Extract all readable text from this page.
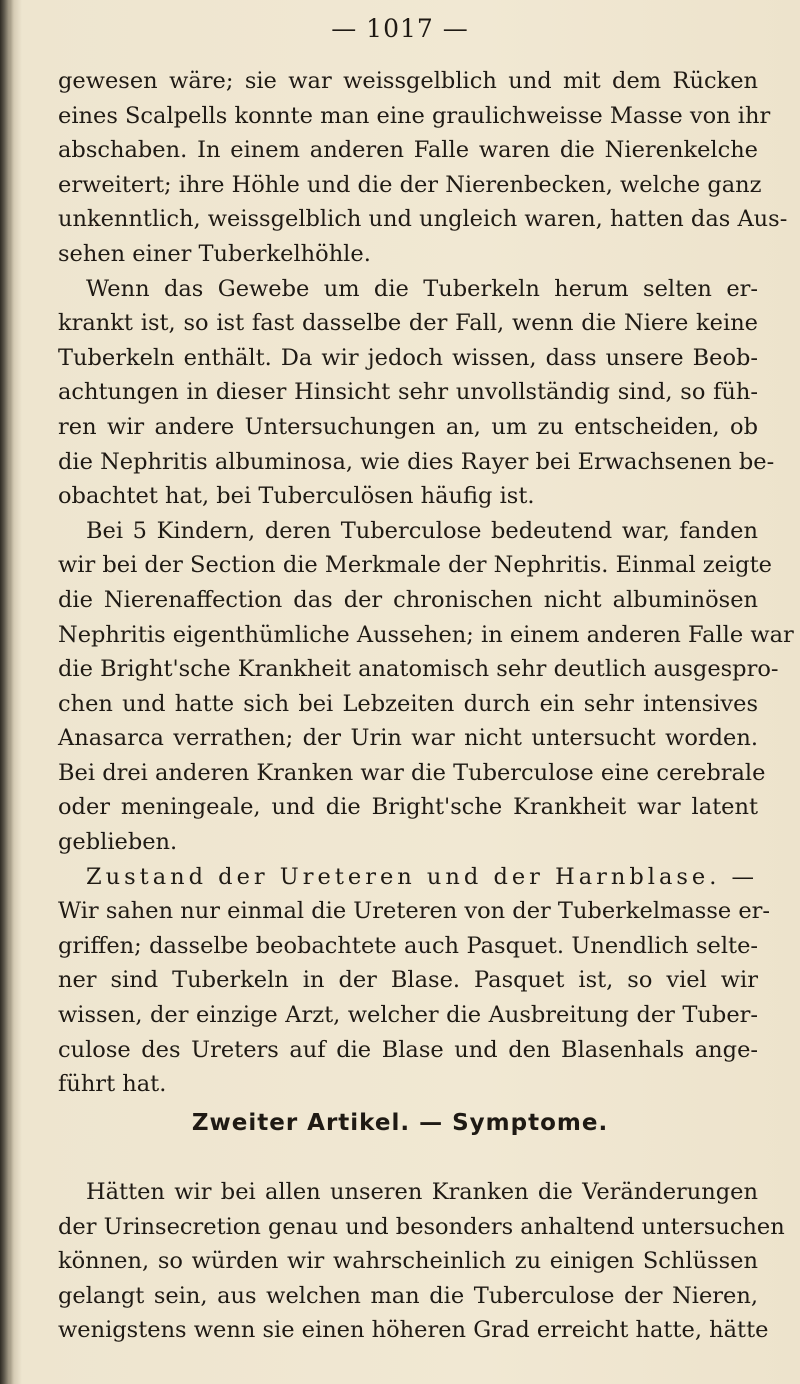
— 1017 —
gewesen wäre; sie war weissgelblich und mit dem Rücken
eines Scalpells konnte man eine graulichweisse Masse von ihr
abschaben. In einem anderen Falle waren die Nierenkelche
erweitert; ihre Höhle und die der Nierenbecken, welche ganz
unkenntlich, weissgelblich und ungleich waren, hatten das Aus-
sehen einer Tuberkelhöhle.
Wenn das Gewebe um die Tuberkeln herum selten er-
krankt ist, so ist fast dasselbe der Fall, wenn die Niere keine
Tuberkeln enthält. Da wir jedoch wissen, dass unsere Beob-
achtungen in dieser Hinsicht sehr unvollständig sind, so füh-
ren wir andere Untersuchungen an, um zu entscheiden, ob
die Nephritis albuminosa, wie dies Rayer bei Erwachsenen be-
obachtet hat, bei Tuberculösen häufig ist.
Bei 5 Kindern, deren Tuberculose bedeutend war, fanden
wir bei der Section die Merkmale der Nephritis. Einmal zeigte
die Nierenaffection das der chronischen nicht albuminösen
Nephritis eigenthümliche Aussehen; in einem anderen Falle war
die Bright'sche Krankheit anatomisch sehr deutlich ausgespro-
chen und hatte sich bei Lebzeiten durch ein sehr intensives
Anasarca verrathen; der Urin war nicht untersucht worden.
Bei drei anderen Kranken war die Tuberculose eine cerebrale
oder meningeale, und die Bright'sche Krankheit war latent
geblieben.
Zustand der Ureteren und der Harnblase. —
Wir sahen nur einmal die Ureteren von der Tuberkelmasse er-
griffen; dasselbe beobachtete auch Pasquet. Unendlich selte-
ner sind Tuberkeln in der Blase. Pasquet ist, so viel wir
wissen, der einzige Arzt, welcher die Ausbreitung der Tuber-
culose des Ureters auf die Blase und den Blasenhals ange-
führt hat.
Zweiter Artikel. — Symptome.
Hätten wir bei allen unseren Kranken die Veränderungen
der Urinsecretion genau und besonders anhaltend untersuchen
können, so würden wir wahrscheinlich zu einigen Schlüssen
gelangt sein, aus welchen man die Tuberculose der Nieren,
wenigstens wenn sie einen höheren Grad erreicht hatte, hätte
